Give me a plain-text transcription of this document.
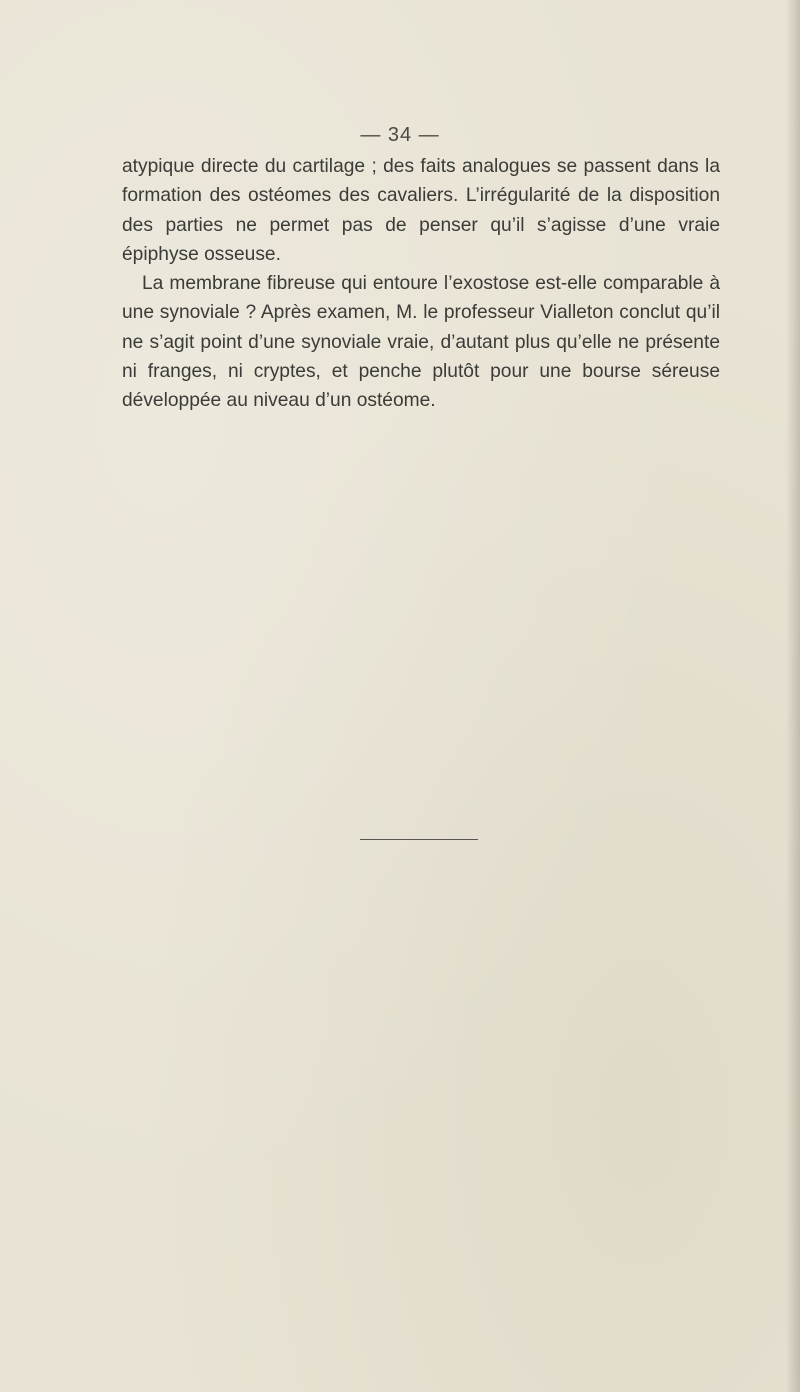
— 34 —

atypique directe du cartilage ; des faits analogues se passent dans la formation des ostéomes des cavaliers. L’irrégularité de la disposition des parties ne permet pas de penser qu’il s’agisse d’une vraie épiphyse osseuse.

La membrane fibreuse qui entoure l’exostose est-elle comparable à une synoviale ? Après examen, M. le professeur Vialleton conclut qu’il ne s’agit point d’une synoviale vraie, d’autant plus qu’elle ne présente ni franges, ni cryptes, et penche plutôt pour une bourse séreuse développée au niveau d’un ostéome.
